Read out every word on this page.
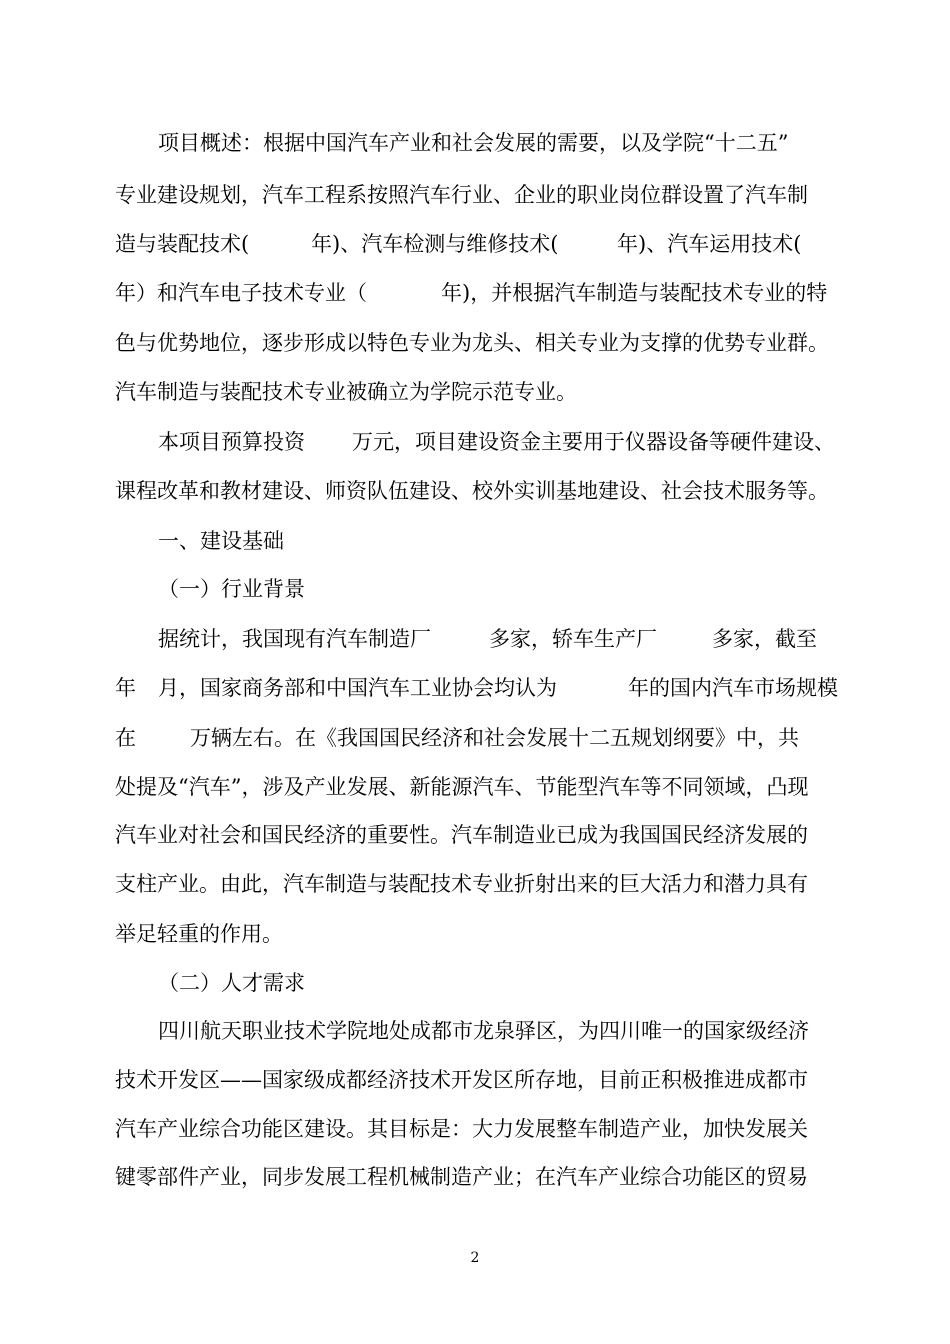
项目概述：根据中国汽车产业和社会发展的需要，以及学院“十二五”
专业建设规划，汽车工程系按照汽车行业、企业的职业岗位群设置了汽车制

造与装配技术(

	年)、汽车检测与维修技术(

	年)、汽车运用技术(

年）和汽车电子技术专业（

	年)，并根据汽车制造与装配技术专业的特

色与优势地位，逐步形成以特色专业为龙头、相关专业为支撑的优势专业群。
汽车制造与装配技术专业被确立为学院示范专业。

本项目预算投资

万元，项目建设资金主要用于仪器设备等硬件建设、

课程改革和教材建设、师资队伍建设、校外实训基地建设、社会技术服务等。
一、建设基础
（一）行业背景

据统计，我国现有汽车制造厂

	多家，轿车生产厂

	多家，截至

年

月，国家商务部和中国汽车工业协会均认为

	年的国内汽车市场规模

在

	万辆左右。在《我国国民经济和社会发展十二五规划纲要》中，共

处提及“汽车”，涉及产业发展、新能源汽车、节能型汽车等不同领域，凸现
汽车业对社会和国民经济的重要性。汽车制造业已成为我国国民经济发展的
支柱产业。由此，汽车制造与装配技术专业折射出来的巨大活力和潜力具有
举足轻重的作用。
（二）人才需求
四川航天职业技术学院地处成都市龙泉驿区，为四川唯一的国家级经济
技术开发区——国家级成都经济技术开发区所存地，目前正积极推进成都市
汽车产业综合功能区建设。其目标是：大力发展整车制造产业，加快发展关
键零部件产业，同步发展工程机械制造产业；在汽车产业综合功能区的贸易
2
